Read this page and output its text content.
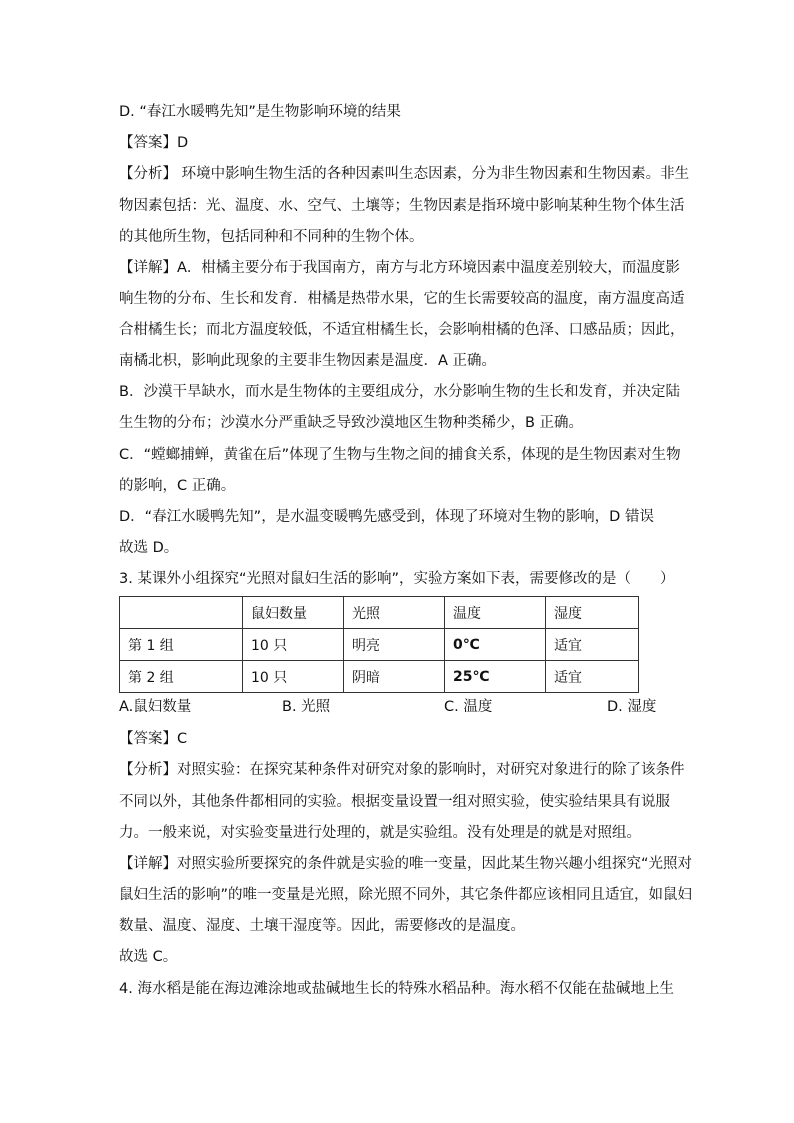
D. “春江水暖鸭先知”是生物影响环境的结果
【答案】D
【分析】 环境中影响生物生活的各种因素叫生态因素，分为非生物因素和生物因素。非生
物因素包括：光、温度、水、空气、土壤等；生物因素是指环境中影响某种生物个体生活
的其他所生物，包括同种和不同种的生物个体。
【详解】A．柑橘主要分布于我国南方，南方与北方环境因素中温度差别较大，而温度影
响生物的分布、生长和发育．柑橘是热带水果，它的生长需要较高的温度，南方温度高适
合柑橘生长；而北方温度较低，不适宜柑橘生长，会影响柑橘的色泽、口感品质；因此，
南橘北枳，影响此现象的主要非生物因素是温度．A 正确。
B．沙漠干旱缺水，而水是生物体的主要组成分，水分影响生物的生长和发育，并决定陆
生生物的分布；沙漠水分严重缺乏导致沙漠地区生物种类稀少，B 正确。
C．“螳螂捕蝉，黄雀在后”体现了生物与生物之间的捕食关系，体现的是生物因素对生物
的影响，C 正确。
D．“春江水暖鸭先知”，是水温变暖鸭先感受到，体现了环境对生物的影响，D 错误
故选 D。
3. 某课外小组探究“光照对鼠妇生活的影响”，实验方案如下表，需要修改的是（　　）
	鼠妇数量	光照	温度	湿度
第 1 组	10 只	明亮	0℃	适宜
第 2 组	10 只	阴暗	25℃	适宜
A.鼠妇数量	B. 光照	C. 温度	D. 湿度
【答案】C
【分析】对照实验：在探究某种条件对研究对象的影响时，对研究对象进行的除了该条件
不同以外，其他条件都相同的实验。根据变量设置一组对照实验，使实验结果具有说服
力。一般来说，对实验变量进行处理的，就是实验组。没有处理是的就是对照组。
【详解】对照实验所要探究的条件就是实验的唯一变量，因此某生物兴趣小组探究“光照对
鼠妇生活的影响”的唯一变量是光照，除光照不同外，其它条件都应该相同且适宜，如鼠妇
数量、温度、湿度、土壤干湿度等。因此，需要修改的是温度。
故选 C。
4. 海水稻是能在海边滩涂地或盐碱地生长的特殊水稻品种。海水稻不仅能在盐碱地上生
